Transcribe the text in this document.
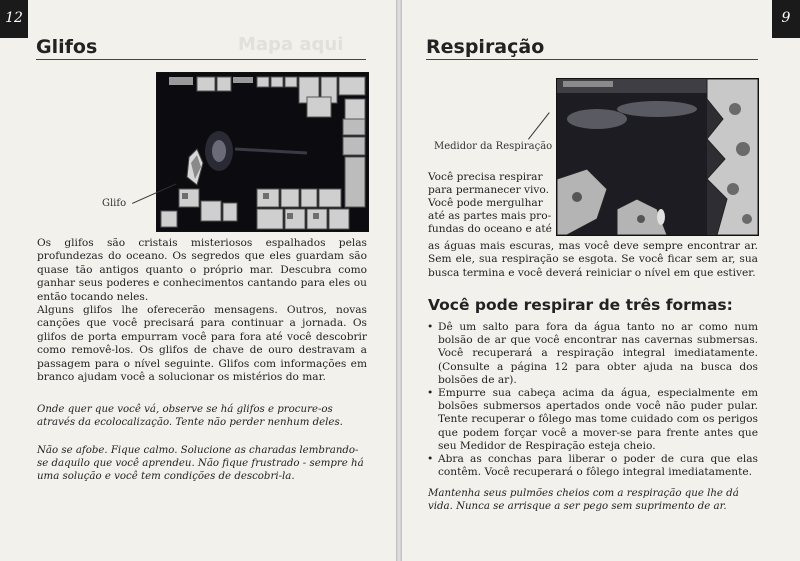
12
Mapa aqui
Glifos
Glifo

Os glifos são cristais misteriosos espalhados pelas profundezas do oceano. Os segredos que eles guardam são quase tão antigos quanto o próprio mar. Descubra como ganhar seus poderes e conhecimentos cantando para eles ou então tocando neles.

Alguns glifos lhe oferecerão mensagens. Outros, novas canções que você precisará para continuar a jornada. Os glifos de porta empurram você para fora até você descobrir como removê-los. Os glifos de chave de ouro destravam a passagem para o nível seguinte. Glifos com informações em branco ajudam você a solucionar os mistérios do mar.

Onde quer que você vá, observe se há glifos e procure-os através da ecolocalização. Tente não perder nenhum deles.
Não se afobe. Fique calmo. Solucione as charadas lembrando-se daquilo que você aprendeu. Não fique frustrado - sempre há uma solução e você tem condições de descobri-la.
9
Respiração
Medidor da Respiração
Você precisa respirar
para permanecer vivo.
Você pode mergulhar
até as partes mais pro-
fundas do oceano e até
as águas mais escuras, mas você deve sempre encontrar ar. Sem ele, sua respiração se esgota. Se você ficar sem ar, sua busca termina e você deverá reiniciar o nível em que estiver.
Você pode respirar de três formas:
• Dê um salto para fora da água tanto no ar como num bolsão de ar que você encontrar nas cavernas submersas. Você recuperará a respiração integral imediatamente. (Consulte a página 12 para obter ajuda na busca dos bolsões de ar).
• Empurre sua cabeça acima da água, especialmente em bolsões submersos apertados onde você não puder pular. Tente recuperar o fôlego mas tome cuidado com os perigos que podem forçar você a mover-se para frente antes que seu Medidor de Respiração esteja cheio.
• Abra as conchas para liberar o poder de cura que elas contêm. Você recuperará o fôlego integral imediatamente.
Mantenha seus pulmões cheios com a respiração que lhe dá vida. Nunca se arrisque a ser pego sem suprimento de ar.
